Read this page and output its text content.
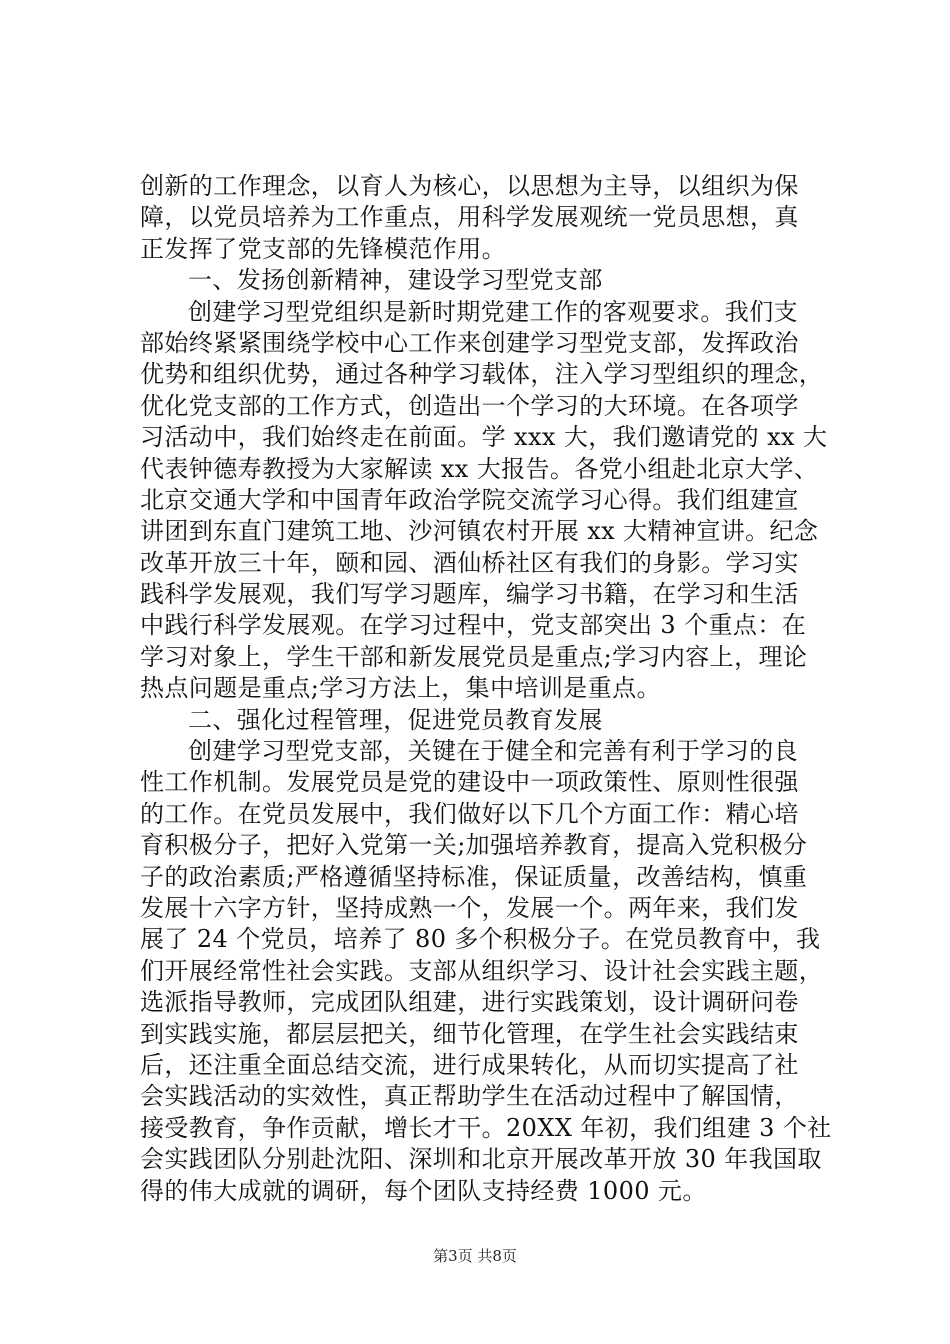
创新的工作理念，以育人为核心，以思想为主导，以组织为保
障，以党员培养为工作重点，用科学发展观统一党员思想，真
正发挥了党支部的先锋模范作用。
一、发扬创新精神，建设学习型党支部
创建学习型党组织是新时期党建工作的客观要求。我们支
部始终紧紧围绕学校中心工作来创建学习型党支部，发挥政治
优势和组织优势，通过各种学习载体，注入学习型组织的理念，
优化党支部的工作方式，创造出一个学习的大环境。在各项学
习活动中，我们始终走在前面。学 xxx 大，我们邀请党的 xx 大
代表钟德寿教授为大家解读 xx 大报告。各党小组赴北京大学、
北京交通大学和中国青年政治学院交流学习心得。我们组建宣
讲团到东直门建筑工地、沙河镇农村开展 xx 大精神宣讲。纪念
改革开放三十年，颐和园、酒仙桥社区有我们的身影。学习实
践科学发展观，我们写学习题库，编学习书籍，在学习和生活
中践行科学发展观。在学习过程中，党支部突出 3 个重点：在
学习对象上，学生干部和新发展党员是重点;学习内容上，理论
热点问题是重点;学习方法上，集中培训是重点。
二、强化过程管理，促进党员教育发展
创建学习型党支部，关键在于健全和完善有利于学习的良
性工作机制。发展党员是党的建设中一项政策性、原则性很强
的工作。在党员发展中，我们做好以下几个方面工作：精心培
育积极分子，把好入党第一关;加强培养教育，提高入党积极分
子的政治素质;严格遵循坚持标准，保证质量，改善结构，慎重
发展十六字方针，坚持成熟一个，发展一个。两年来，我们发
展了 24 个党员，培养了 80 多个积极分子。在党员教育中，我
们开展经常性社会实践。支部从组织学习、设计社会实践主题，
选派指导教师，完成团队组建，进行实践策划，设计调研问卷
到实践实施，都层层把关，细节化管理，在学生社会实践结束
后，还注重全面总结交流，进行成果转化，从而切实提高了社
会实践活动的实效性，真正帮助学生在活动过程中了解国情，
接受教育，争作贡献，增长才干。20XX 年初，我们组建 3 个社
会实践团队分别赴沈阳、深圳和北京开展改革开放 30 年我国取
得的伟大成就的调研，每个团队支持经费 1000 元。
第3页 共8页
